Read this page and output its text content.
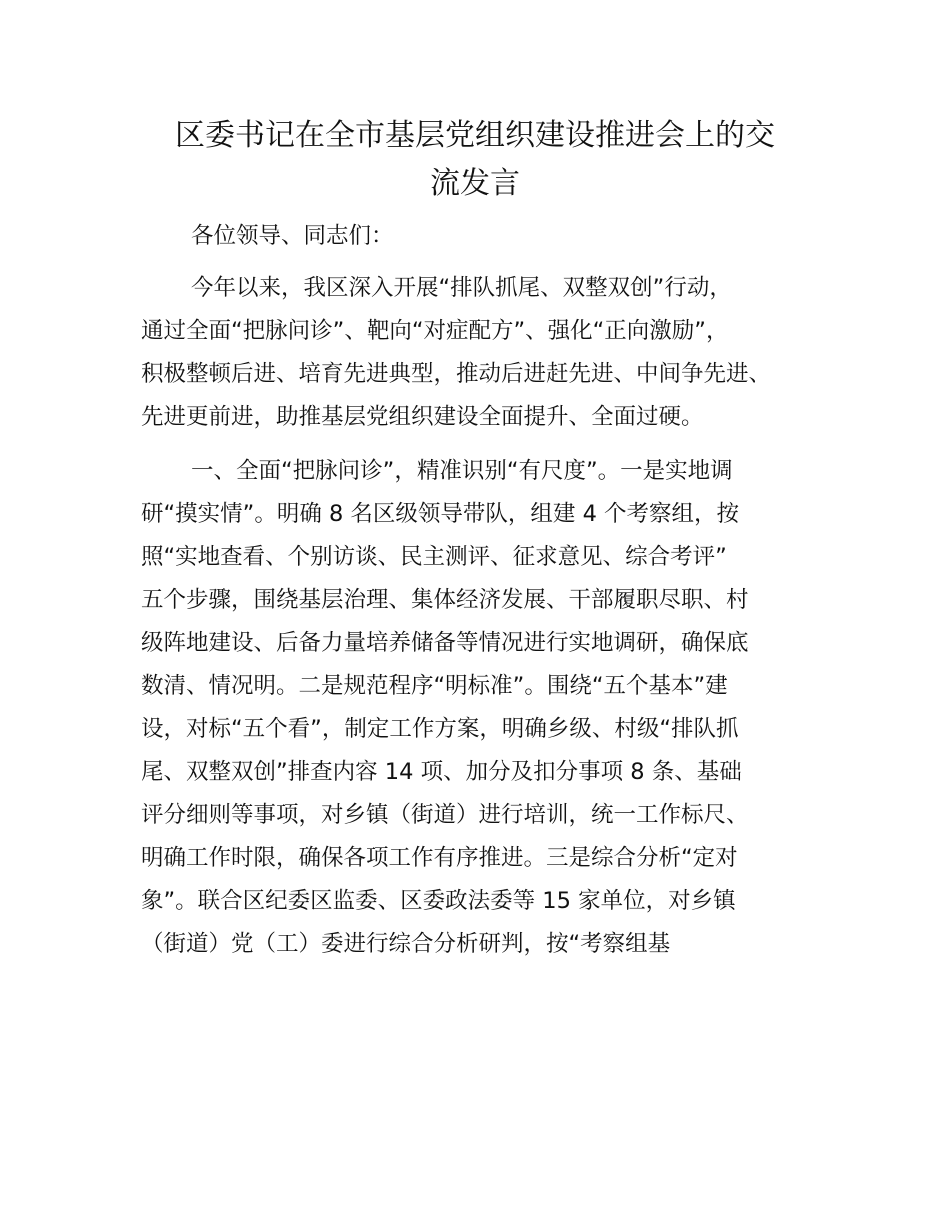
区委书记在全市基层党组织建设推进会上的交
流发言

各位领导、同志们：

今年以来，我区深入开展“排队抓尾、双整双创”行动，

通过全面“把脉问诊”、靶向“对症配方”、强化“正向激励”，

积极整顿后进、培育先进典型，推动后进赶先进、中间争先进、

先进更前进，助推基层党组织建设全面提升、全面过硬。

一、全面“把脉问诊”，精准识别“有尺度”。一是实地调

研“摸实情”。明确 8 名区级领导带队，组建 4 个考察组，按

照“实地查看、个别访谈、民主测评、征求意见、综合考评”

五个步骤，围绕基层治理、集体经济发展、干部履职尽职、村

级阵地建设、后备力量培养储备等情况进行实地调研，确保底

数清、情况明。二是规范程序“明标准”。围绕“五个基本”建

设，对标“五个看”，制定工作方案，明确乡级、村级“排队抓

尾、双整双创”排查内容 14 项、加分及扣分事项 8 条、基础

评分细则等事项，对乡镇（街道）进行培训，统一工作标尺、

明确工作时限，确保各项工作有序推进。三是综合分析“定对

象”。联合区纪委区监委、区委政法委等 15 家单位，对乡镇

（街道）党（工）委进行综合分析研判，按“考察组基
